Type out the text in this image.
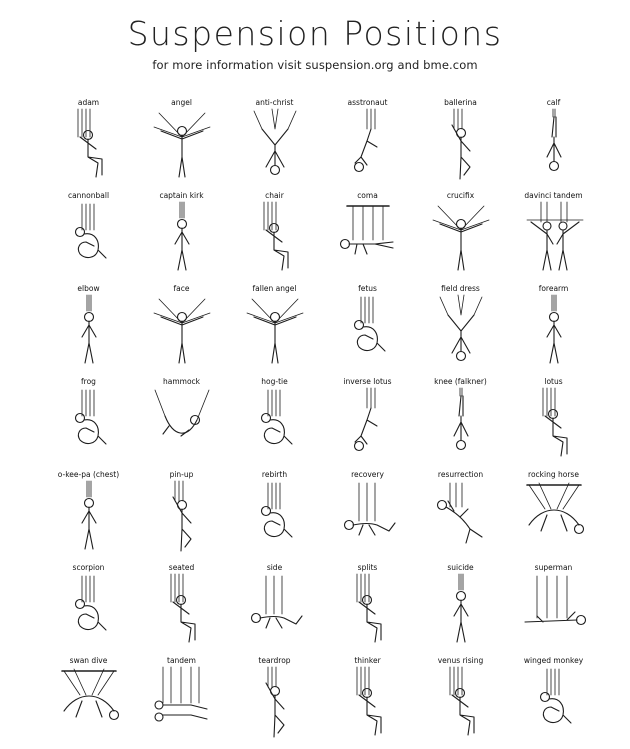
Suspension Positions
for more information visit suspension.org and bme.com
adam	angel	anti-christ	asstronaut	ballerina	calf
cannonball	captain kirk	chair	coma	crucifix	davinci tandem
elbow	face	fallen angel	fetus	field dress	forearm
frog	hammock	hog-tie	inverse lotus	knee (falkner)	lotus
o-kee-pa (chest)	pin-up	rebirth	recovery	resurrection	rocking horse
scorpion	seated	side	splits	suicide	superman
swan dive	tandem	teardrop	thinker	venus rising	winged monkey
